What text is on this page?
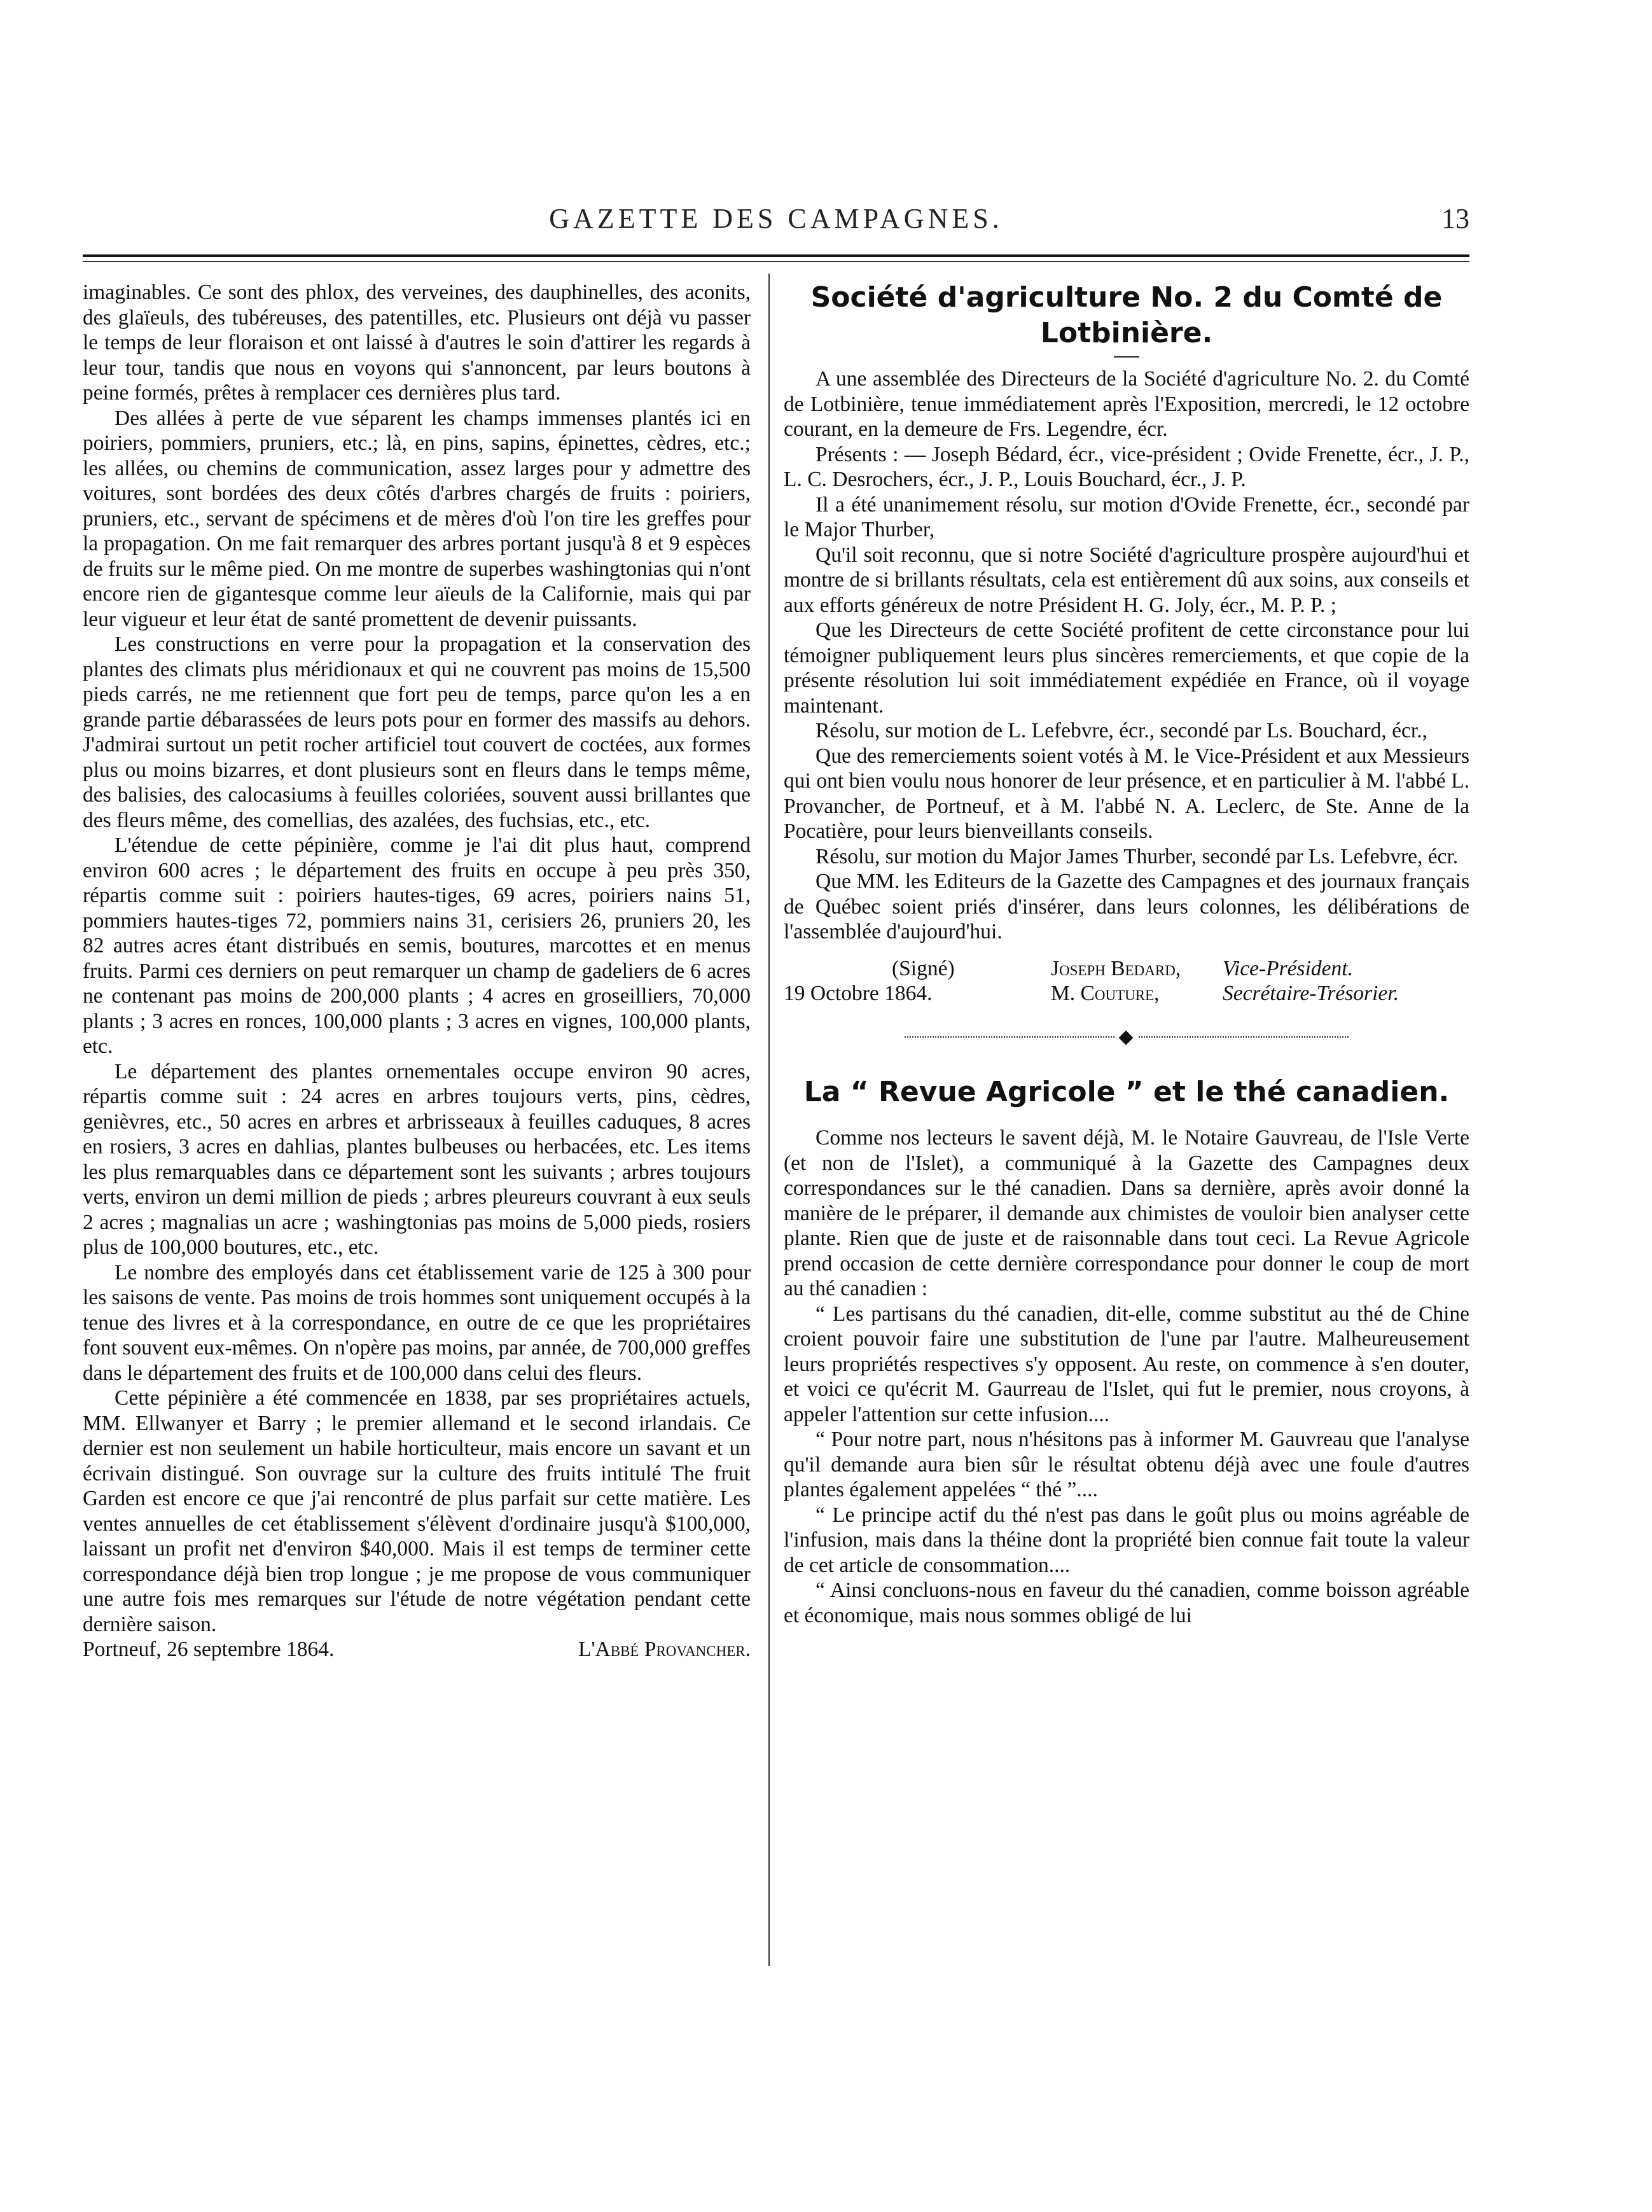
GAZETTE DES CAMPAGNES.	13

imaginables. Ce sont des phlox, des verveines, des dauphinelles, des aconits, des glaïeuls, des tubéreuses, des patentilles, etc. Plusieurs ont déjà vu passer le temps de leur floraison et ont laissé à d'autres le soin d'attirer les regards à leur tour, tandis que nous en voyons qui s'annoncent, par leurs boutons à peine formés, prêtes à remplacer ces dernières plus tard.

Des allées à perte de vue séparent les champs immenses plantés ici en poiriers, pommiers, pruniers, etc.; là, en pins, sapins, épinettes, cèdres, etc.; les allées, ou chemins de communication, assez larges pour y admettre des voitures, sont bordées des deux côtés d'arbres chargés de fruits : poiriers, pruniers, etc., servant de spécimens et de mères d'où l'on tire les greffes pour la propagation. On me fait remarquer des arbres portant jusqu'à 8 et 9 espèces de fruits sur le même pied. On me montre de superbes washingtonias qui n'ont encore rien de gigantesque comme leur aïeuls de la Californie, mais qui par leur vigueur et leur état de santé promettent de devenir puissants.

Les constructions en verre pour la propagation et la conservation des plantes des climats plus méridionaux et qui ne couvrent pas moins de 15,500 pieds carrés, ne me retiennent que fort peu de temps, parce qu'on les a en grande partie débarassées de leurs pots pour en former des massifs au dehors. J'admirai surtout un petit rocher artificiel tout couvert de coctées, aux formes plus ou moins bizarres, et dont plusieurs sont en fleurs dans le temps même, des balisies, des calocasiums à feuilles coloriées, souvent aussi brillantes que des fleurs même, des comellias, des azalées, des fuchsias, etc., etc.

L'étendue de cette pépinière, comme je l'ai dit plus haut, comprend environ 600 acres ; le département des fruits en occupe à peu près 350, répartis comme suit : poiriers hautes-tiges, 69 acres, poiriers nains 51, pommiers hautes-tiges 72, pommiers nains 31, cerisiers 26, pruniers 20, les 82 autres acres étant distribués en semis, boutures, marcottes et en menus fruits. Parmi ces derniers on peut remarquer un champ de gadeliers de 6 acres ne contenant pas moins de 200,000 plants ; 4 acres en groseilliers, 70,000 plants ; 3 acres en ronces, 100,000 plants ; 3 acres en vignes, 100,000 plants, etc.

Le département des plantes ornementales occupe environ 90 acres, répartis comme suit : 24 acres en arbres toujours verts, pins, cèdres, genièvres, etc., 50 acres en arbres et arbrisseaux à feuilles caduques, 8 acres en rosiers, 3 acres en dahlias, plantes bulbeuses ou herbacées, etc. Les items les plus remarquables dans ce département sont les suivants ; arbres toujours verts, environ un demi million de pieds ; arbres pleureurs couvrant à eux seuls 2 acres ; magnalias un acre ; washingtonias pas moins de 5,000 pieds, rosiers plus de 100,000 boutures, etc., etc.

Le nombre des employés dans cet établissement varie de 125 à 300 pour les saisons de vente. Pas moins de trois hommes sont uniquement occupés à la tenue des livres et à la correspondance, en outre de ce que les propriétaires font souvent eux-mêmes. On n'opère pas moins, par année, de 700,000 greffes dans le département des fruits et de 100,000 dans celui des fleurs.

Cette pépinière a été commencée en 1838, par ses propriétaires actuels, MM. Ellwanyer et Barry ; le premier allemand et le second irlandais. Ce dernier est non seulement un habile horticulteur, mais encore un savant et un écrivain distingué. Son ouvrage sur la culture des fruits intitulé The fruit Garden est encore ce que j'ai rencontré de plus parfait sur cette matière. Les ventes annuelles de cet établissement s'élèvent d'ordinaire jusqu'à $100,000, laissant un profit net d'environ $40,000. Mais il est temps de terminer cette correspondance déjà bien trop longue ; je me propose de vous communiquer une autre fois mes remarques sur l'étude de notre végétation pendant cette dernière saison.

Portneuf, 26 septembre 1864.	L'Abbé Provancher.

Société d'agriculture No. 2 du Comté de Lotbinière.

A une assemblée des Directeurs de la Société d'agriculture No. 2. du Comté de Lotbinière, tenue immédiatement après l'Exposition, mercredi, le 12 octobre courant, en la demeure de Frs. Legendre, écr.

Présents : — Joseph Bédard, écr., vice-président ; Ovide Frenette, écr., J. P., L. C. Desrochers, écr., J. P., Louis Bouchard, écr., J. P.

Il a été unanimement résolu, sur motion d'Ovide Frenette, écr., secondé par le Major Thurber,

Qu'il soit reconnu, que si notre Société d'agriculture prospère aujourd'hui et montre de si brillants résultats, cela est entièrement dû aux soins, aux conseils et aux efforts généreux de notre Président H. G. Joly, écr., M. P. P. ;

Que les Directeurs de cette Société profitent de cette circonstance pour lui témoigner publiquement leurs plus sincères remerciements, et que copie de la présente résolution lui soit immédiatement expédiée en France, où il voyage maintenant.

Résolu, sur motion de L. Lefebvre, écr., secondé par Ls. Bouchard, écr.,

Que des remerciements soient votés à M. le Vice-Président et aux Messieurs qui ont bien voulu nous honorer de leur présence, et en particulier à M. l'abbé L. Provancher, de Portneuf, et à M. l'abbé N. A. Leclerc, de Ste. Anne de la Pocatière, pour leurs bienveillants conseils.

Résolu, sur motion du Major James Thurber, secondé par Ls. Lefebvre, écr.

Que MM. les Editeurs de la Gazette des Campagnes et des journaux français de Québec soient priés d'insérer, dans leurs colonnes, les délibérations de l'assemblée d'aujourd'hui.

(Signé)	Joseph Bedard,	Vice-Président.
19 Octobre 1864.	M. Couture,	Secrétaire-Trésorier.
◆
La “ Revue Agricole ” et le thé canadien.

Comme nos lecteurs le savent déjà, M. le Notaire Gauvreau, de l'Isle Verte (et non de l'Islet), a communiqué à la Gazette des Campagnes deux correspondances sur le thé canadien. Dans sa dernière, après avoir donné la manière de le préparer, il demande aux chimistes de vouloir bien analyser cette plante. Rien que de juste et de raisonnable dans tout ceci. La Revue Agricole prend occasion de cette dernière correspondance pour donner le coup de mort au thé canadien :

“ Les partisans du thé canadien, dit-elle, comme substitut au thé de Chine croient pouvoir faire une substitution de l'une par l'autre. Malheureusement leurs propriétés respectives s'y opposent. Au reste, on commence à s'en douter, et voici ce qu'écrit M. Gaurreau de l'Islet, qui fut le premier, nous croyons, à appeler l'attention sur cette infusion....

“ Pour notre part, nous n'hésitons pas à informer M. Gauvreau que l'analyse qu'il demande aura bien sûr le résultat obtenu déjà avec une foule d'autres plantes également appelées “ thé ”....

“ Le principe actif du thé n'est pas dans le goût plus ou moins agréable de l'infusion, mais dans la théine dont la propriété bien connue fait toute la valeur de cet article de consommation....

“ Ainsi concluons-nous en faveur du thé canadien, comme boisson agréable et économique, mais nous sommes obligé de lui
